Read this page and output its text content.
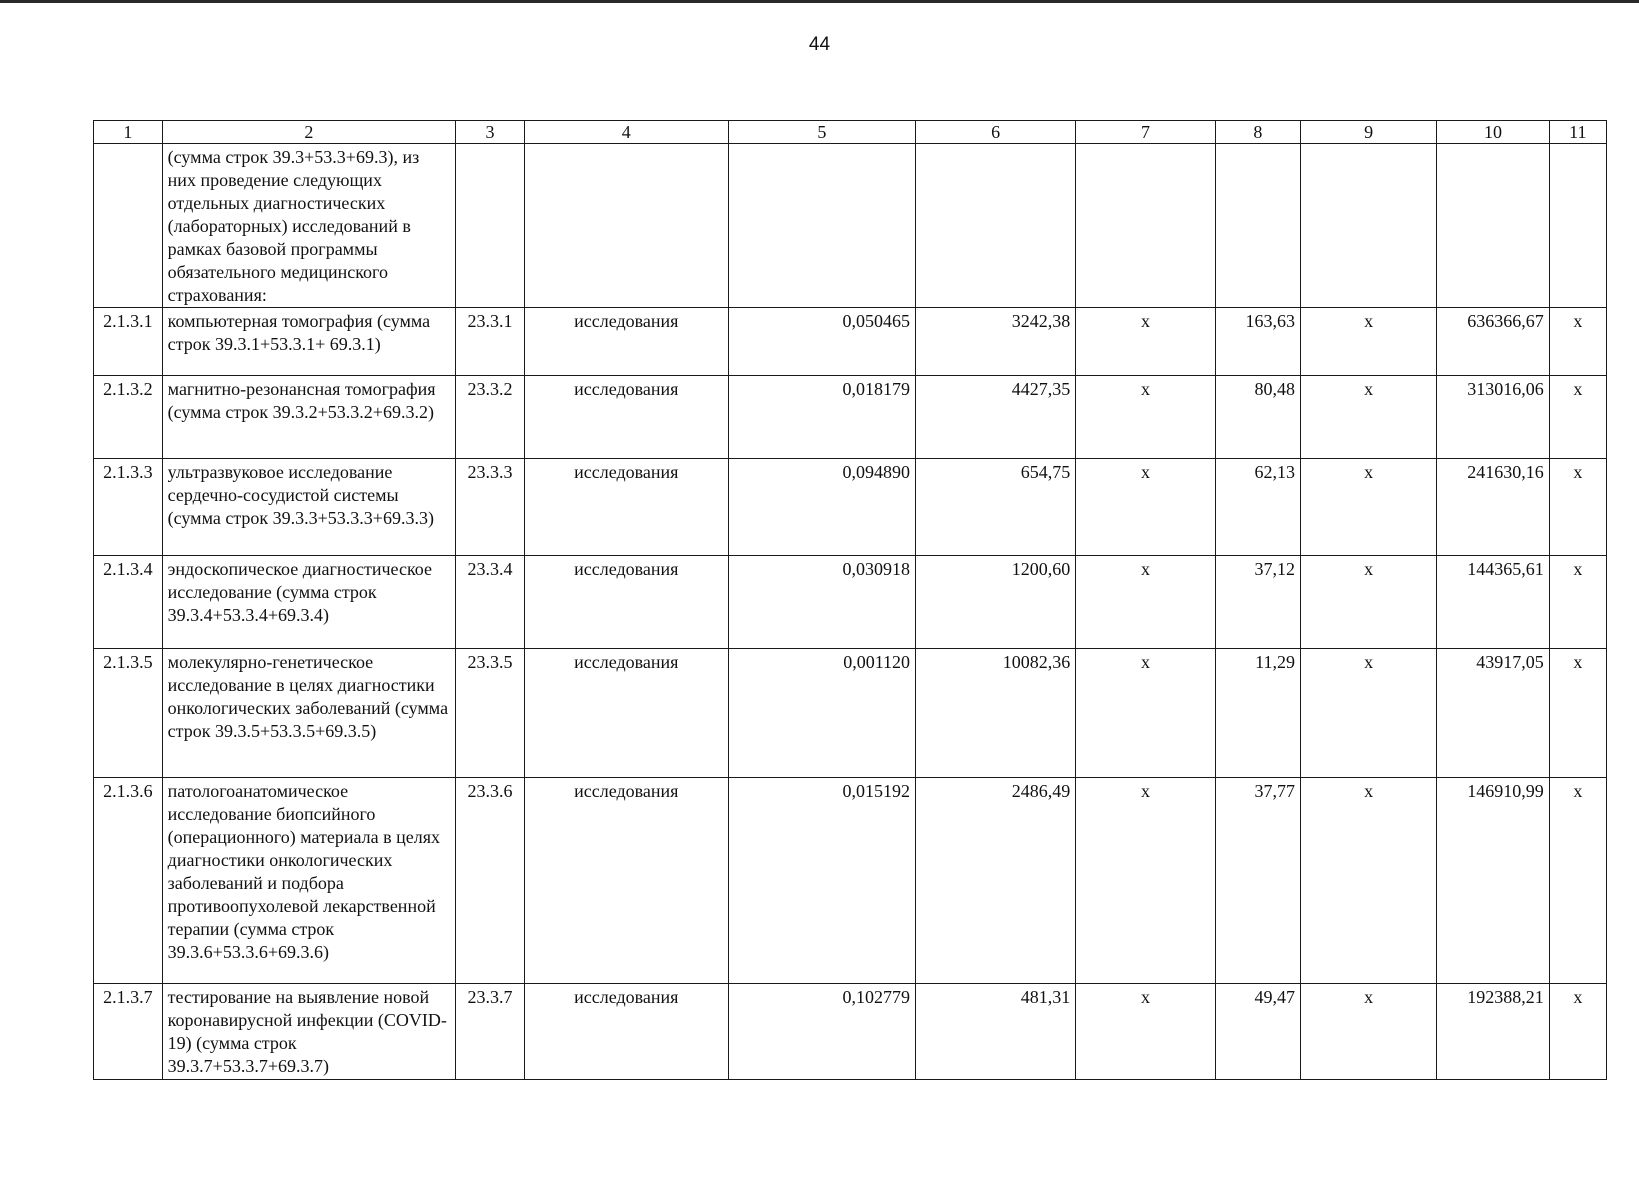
44
1	2	3	4	5	6	7	8	9	10	11
	(сумма строк 39.3+53.3+69.3), из них проведение следующих отдельных диагностических (лабораторных) исследований в рамках базовой программы обязательного медицинского страхования:									
2.1.3.1	компьютерная томография (сумма строк 39.3.1+53.3.1+ 69.3.1)	23.3.1	исследования	0,050465	3242,38	х	163,63	х	636366,67	х
2.1.3.2	магнитно-резонансная томография (сумма строк 39.3.2+53.3.2+69.3.2)	23.3.2	исследования	0,018179	4427,35	х	80,48	х	313016,06	х
2.1.3.3	ультразвуковое исследование сердечно-сосудистой системы (сумма строк 39.3.3+53.3.3+69.3.3)	23.3.3	исследования	0,094890	654,75	х	62,13	х	241630,16	х
2.1.3.4	эндоскопическое диагностическое исследование (сумма строк 39.3.4+53.3.4+69.3.4)	23.3.4	исследования	0,030918	1200,60	х	37,12	х	144365,61	х
2.1.3.5	молекулярно-генетическое исследование в целях диагностики онкологических заболеваний (сумма строк 39.3.5+53.3.5+69.3.5)	23.3.5	исследования	0,001120	10082,36	х	11,29	х	43917,05	х
2.1.3.6	патологоанатомическое исследование биопсийного (операционного) материала в целях диагностики онкологических заболеваний и подбора противоопухолевой лекарственной терапии (сумма строк 39.3.6+53.3.6+69.3.6)	23.3.6	исследования	0,015192	2486,49	х	37,77	х	146910,99	х
2.1.3.7	тестирование на выявление новой коронавирусной инфекции (COVID-19) (сумма строк 39.3.7+53.3.7+69.3.7)	23.3.7	исследования	0,102779	481,31	х	49,47	х	192388,21	х
